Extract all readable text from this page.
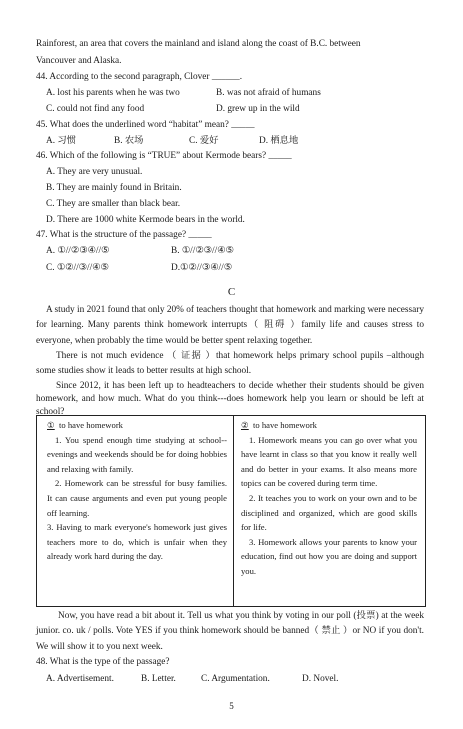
Rainforest, an area that covers the mainland and island along the coast of B.C. between
Vancouver and Alaska.
44. According to the second paragraph, Clover ______.
A. lost his parents when he was two	B. was not afraid of humans
C. could not find any food	D. grew up in the wild
45. What does the underlined word “habitat” mean? _____
A. 习惯	B. 农场	C. 爱好	D. 栖息地
46. Which of the following is “TRUE” about Kermode bears? _____
A. They are very unusual.
B. They are mainly found in Britain.
C. They are smaller than black bear.
D. There are 1000 white Kermode bears in the world.
47. What is the structure of the passage? _____
A. ①//②③④//⑤	B. ①//②③//④⑤
C. ①②//③//④⑤	D.①②//③④//⑤
C
A study in 2021 found that only 20% of teachers thought that homework and marking were necessary for learning. Many parents think homework interrupts（ 阻碍 ）family life and causes stress to everyone, when probably the time would be better spent relaxing together.
There is not much evidence （ 证据 ）that homework helps primary school pupils –although some studies show it leads to better results at high school.
Since 2012, it has been left up to headteachers to decide whether their students should be given homework, and how much. What do you think---does homework help you learn or should be left at school?
① to have homework
1. You spend enough time studying at school--evenings and weekends should be for doing hobbies and relaxing with family.
2. Homework can be stressful for busy families. It can cause arguments and even put young people off learning.
3. Having to mark everyone's homework just gives teachers more to do, which is unfair when they already work hard during the day.
② to have homework
1. Homework means you can go over what you have learnt in class so that you know it really well and do better in your exams. It also means more topics can be covered during term time.
2. It teaches you to work on your own and to be disciplined and organized, which are good skills for life.
3. Homework allows your parents to know your education, find out how you are doing and support you.
Now, you have read a bit about it. Tell us what you think by voting in our poll (投票) at the week junior. co. uk / polls. Vote YES if you think homework should be banned（ 禁止 ）or NO if you don't. We will show it to you next week.
48. What is the type of the passage?
A. Advertisement.	B. Letter.	C. Argumentation.	D. Novel.
5
